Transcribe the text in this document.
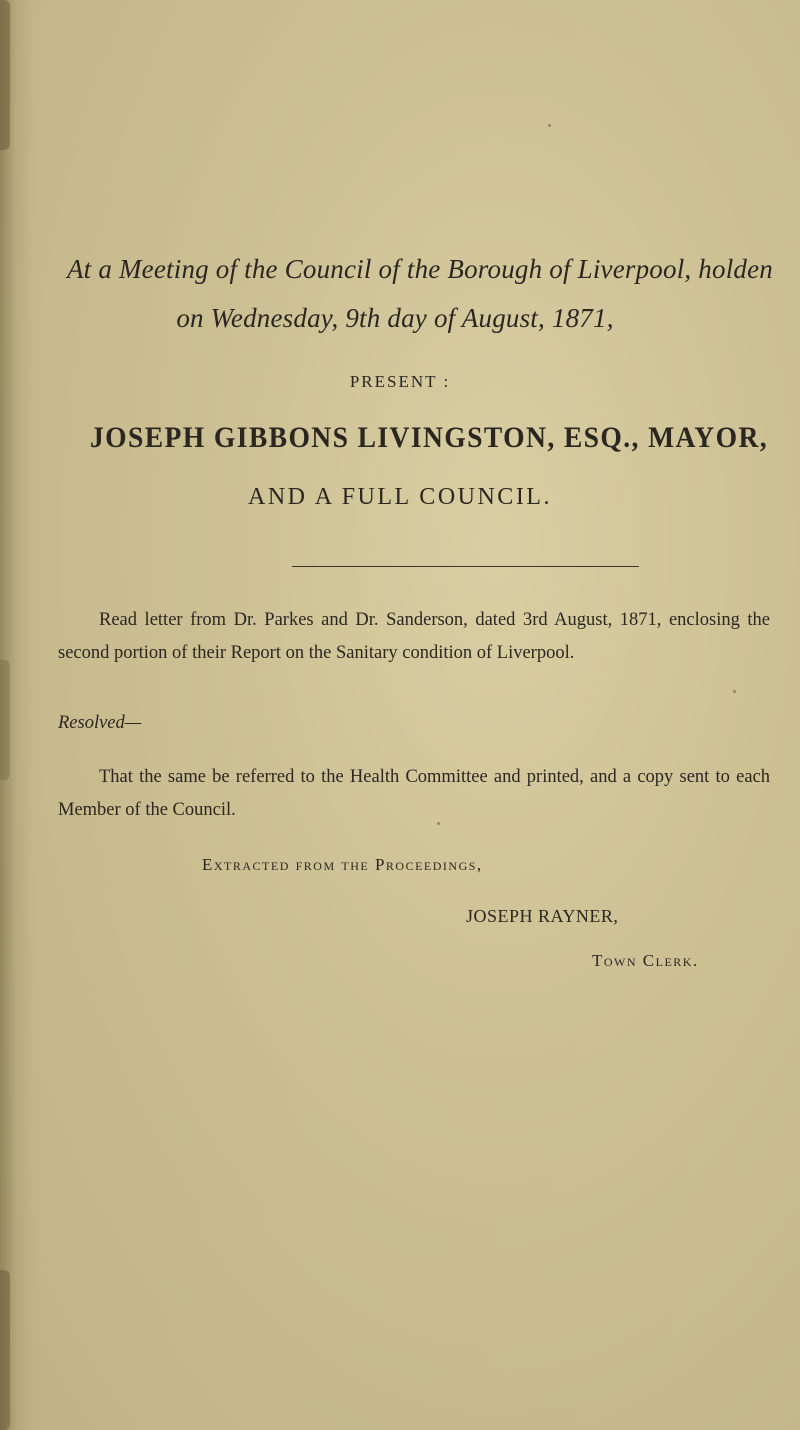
At a Meeting of the Council of the Borough of Liverpool, holden
on Wednesday, 9th day of August, 1871,
PRESENT :
JOSEPH GIBBONS LIVINGSTON, ESQ., MAYOR,
AND A FULL COUNCIL.
Read letter from Dr. Parkes and Dr. Sanderson, dated 3rd August, 1871, enclosing the second portion of their Report on the Sanitary condition of Liverpool.
Resolved—
That the same be referred to the Health Committee and printed, and a copy sent to each Member of the Council.
Extracted from the Proceedings,
JOSEPH RAYNER,
Town Clerk.
